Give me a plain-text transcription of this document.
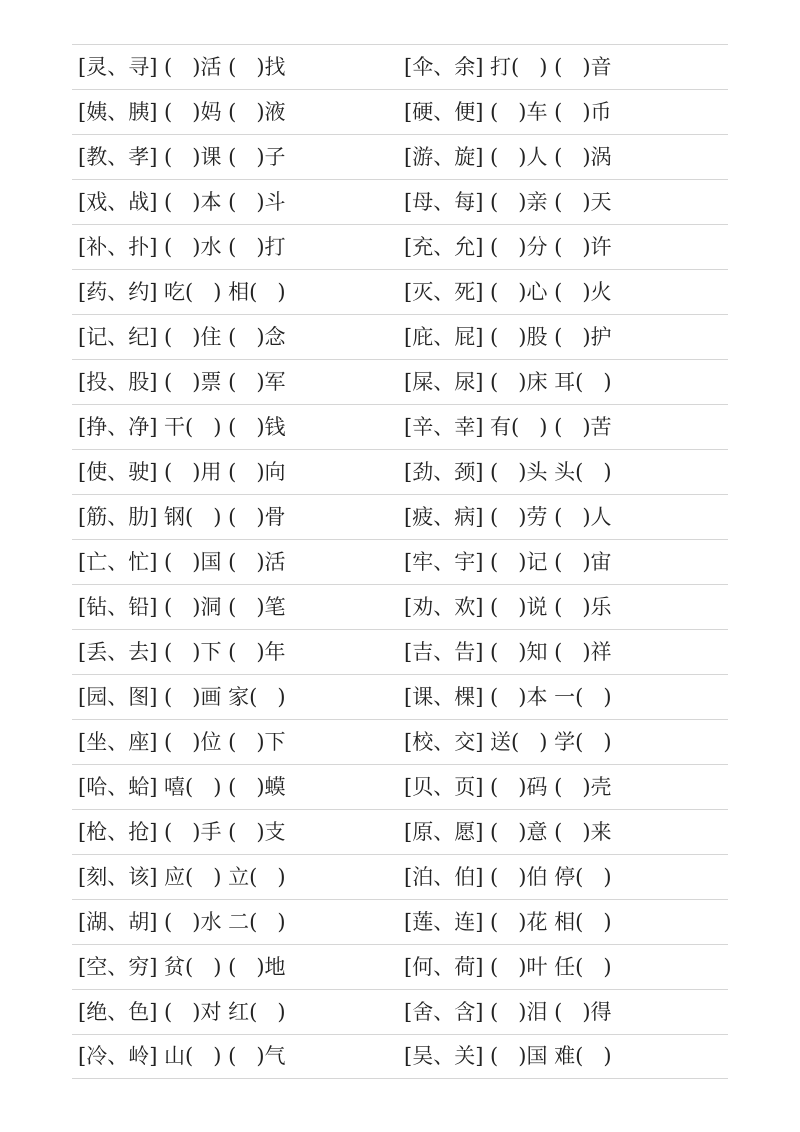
[灵、寻] (   )活 (   )找	[伞、余] 打(   ) (   )音
[姨、胰] (   )妈 (   )液	[硬、便] (   )车 (   )币
[教、孝] (   )课 (   )子	[游、旋] (   )人 (   )涡
[戏、战] (   )本 (   )斗	[母、每] (   )亲 (   )天
[补、扑] (   )水 (   )打	[充、允] (   )分 (   )许
[药、约] 吃(   ) 相(   )	[灭、死] (   )心 (   )火
[记、纪] (   )住 (   )念	[庇、屁] (   )股 (   )护
[投、股] (   )票 (   )军	[屎、尿] (   )床 耳(   )
[挣、净] 干(   ) (   )钱	[辛、幸] 有(   ) (   )苦
[使、驶] (   )用 (   )向	[劲、颈] (   )头 头(   )
[筋、肋] 钢(   ) (   )骨	[疲、病] (   )劳 (   )人
[亡、忙] (   )国 (   )活	[牢、宇] (   )记 (   )宙
[钻、铅] (   )洞 (   )笔	[劝、欢] (   )说 (   )乐
[丢、去] (   )下 (   )年	[吉、告] (   )知 (   )祥
[园、图] (   )画 家(   )	[课、棵] (   )本 一(   )
[坐、座] (   )位 (   )下	[校、交] 送(   ) 学(   )
[哈、蛤] 嘻(   ) (   )蟆	[贝、页] (   )码 (   )壳
[枪、抢] (   )手 (   )支	[原、愿] (   )意 (   )来
[刻、该] 应(   ) 立(   )	[泊、伯] (   )伯 停(   )
[湖、胡] (   )水 二(   )	[莲、连] (   )花 相(   )
[空、穷] 贫(   ) (   )地	[何、荷] (   )叶 任(   )
[绝、色] (   )对 红(   )	[舍、含] (   )泪 (   )得
[冷、岭] 山(   ) (   )气	[吴、关] (   )国 难(   )
